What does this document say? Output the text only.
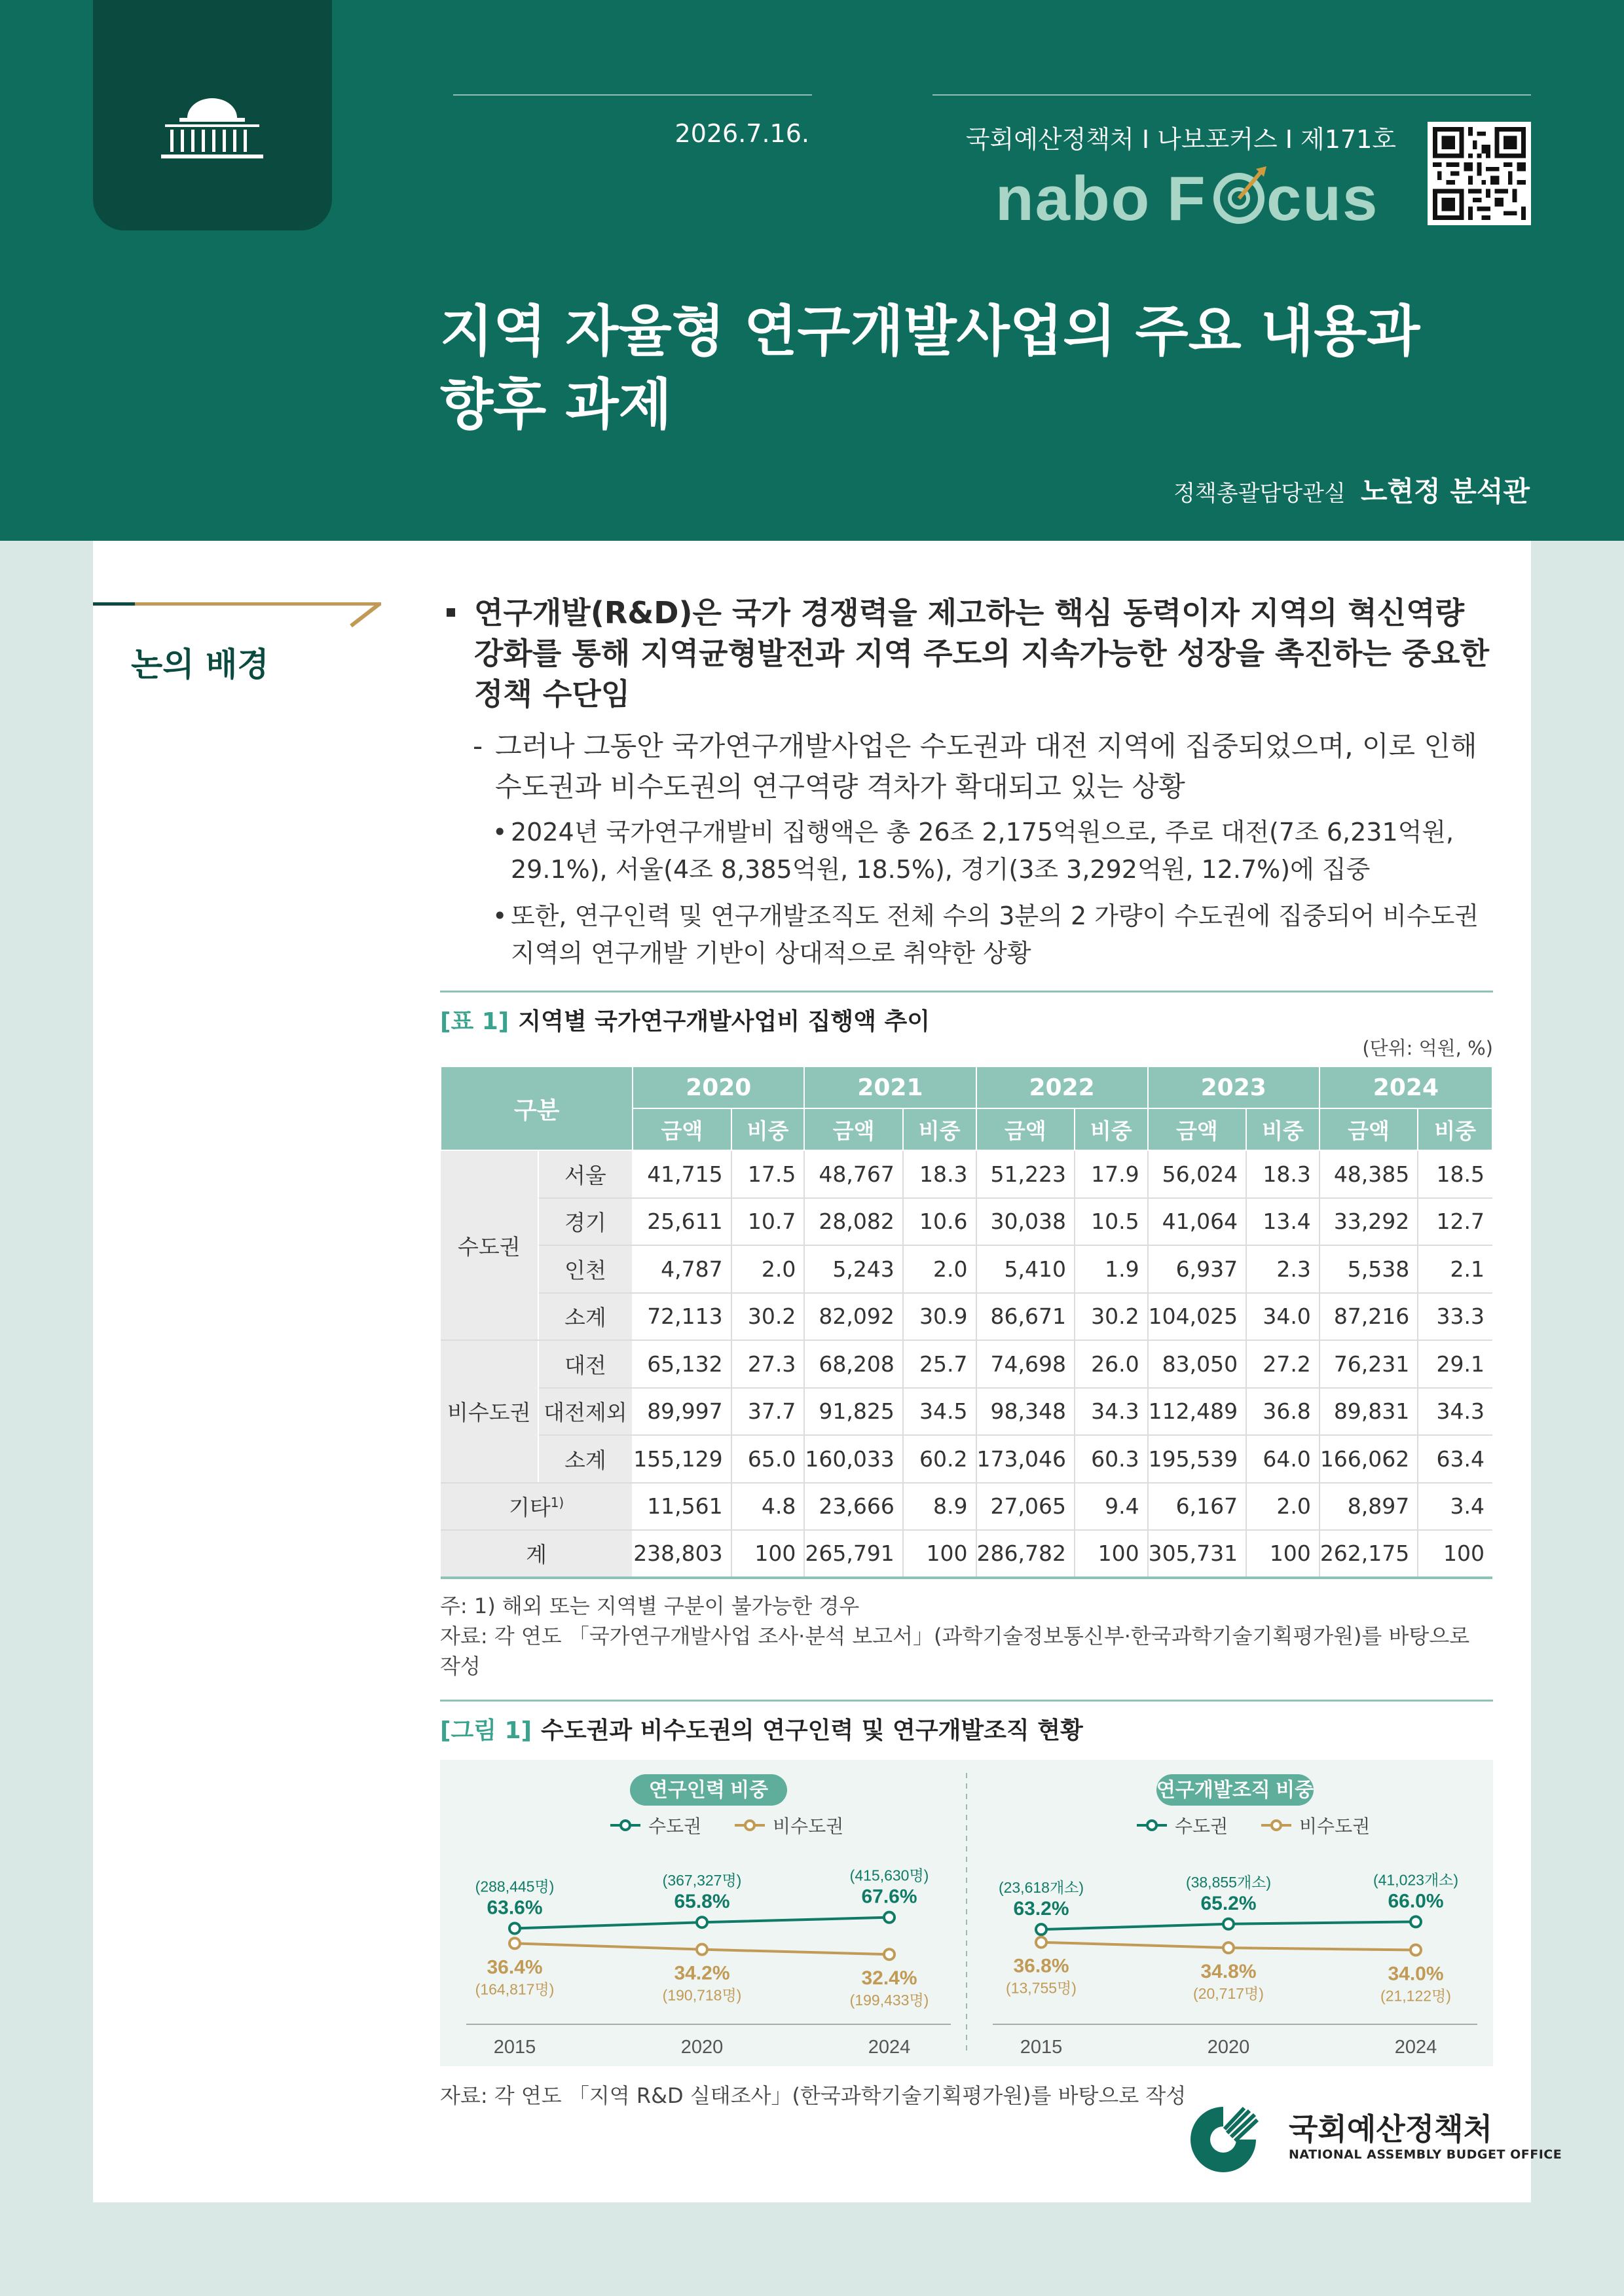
2026.7.16.	국회예산정책처 I 나보포커스 I 제171호
nabo F cus
지역 자율형 연구개발사업의 주요 내용과
향후 과제
정책총괄담당관실 노현정 분석관
논의 배경
연구개발(R&D)은 국가 경쟁력을 제고하는 핵심 동력이자 지역의 혁신역량 강화를 통해 지역균형발전과 지역 주도의 지속가능한 성장을 촉진하는 중요한 정책 수단임
- 그러나 그동안 국가연구개발사업은 수도권과 대전 지역에 집중되었으며, 이로 인해 수도권과 비수도권의 연구역량 격차가 확대되고 있는 상황
• 2024년 국가연구개발비 집행액은 총 26조 2,175억원으로, 주로 대전(7조 6,231억원, 29.1%), 서울(4조 8,385억원, 18.5%), 경기(3조 3,292억원, 12.7%)에 집중
• 또한, 연구인력 및 연구개발조직도 전체 수의 3분의 2 가량이 수도권에 집중되어 비수도권 지역의 연구개발 기반이 상대적으로 취약한 상황
[표 1] 지역별 국가연구개발사업비 집행액 추이
(단위: 억원, %)
구분		2020		2021		2022		2023		2024	
		금액	비중	금액	비중	금액	비중	금액	비중	금액	비중
수도권	서울	41,715	17.5	48,767	18.3	51,223	17.9	56,024	18.3	48,385	18.5
	경기	25,611	10.7	28,082	10.6	30,038	10.5	41,064	13.4	33,292	12.7
	인천	4,787	2.0	5,243	2.0	5,410	1.9	6,937	2.3	5,538	2.1
	소계	72,113	30.2	82,092	30.9	86,671	30.2	104,025	34.0	87,216	33.3
비수도권	대전	65,132	27.3	68,208	25.7	74,698	26.0	83,050	27.2	76,231	29.1
	대전제외	89,997	37.7	91,825	34.5	98,348	34.3	112,489	36.8	89,831	34.3
	소계	155,129	65.0	160,033	60.2	173,046	60.3	195,539	64.0	166,062	63.4
기타$^{1)}$		11,561	4.8	23,666	8.9	27,065	9.4	6,167	2.0	8,897	3.4
계		238,803	100	265,791	100	286,782	100	305,731	100	262,175	100
주: 1) 해외 또는 지역별 구분이 불가능한 경우
자료: 각 연도 「국가연구개발사업 조사·분석 보고서」(과학기술정보통신부·한국과학기술기획평가원)를 바탕으로 작성
[그림 1] 수도권과 비수도권의 연구인력 및 연구개발조직 현황
연구인력 비중
수도권	비수도권
2015	2020	2024
63.6%
(288,445명)
65.8%
(367,327명)
67.6%
(415,630명)
36.4%
(164,817명)
34.2%
(190,718명)
32.4%
(199,433명)
연구개발조직 비중
수도권	비수도권
2015	2020	2024
63.2%
(23,618개소)
65.2%
(38,855개소)
66.0%
(41,023개소)
36.8%
(13,755명)
34.8%
(20,717명)
34.0%
(21,122명)
자료: 각 연도 「지역 R&D 실태조사」(한국과학기술기획평가원)를 바탕으로 작성
국회예산정책처
NATIONAL ASSEMBLY BUDGET OFFICE
